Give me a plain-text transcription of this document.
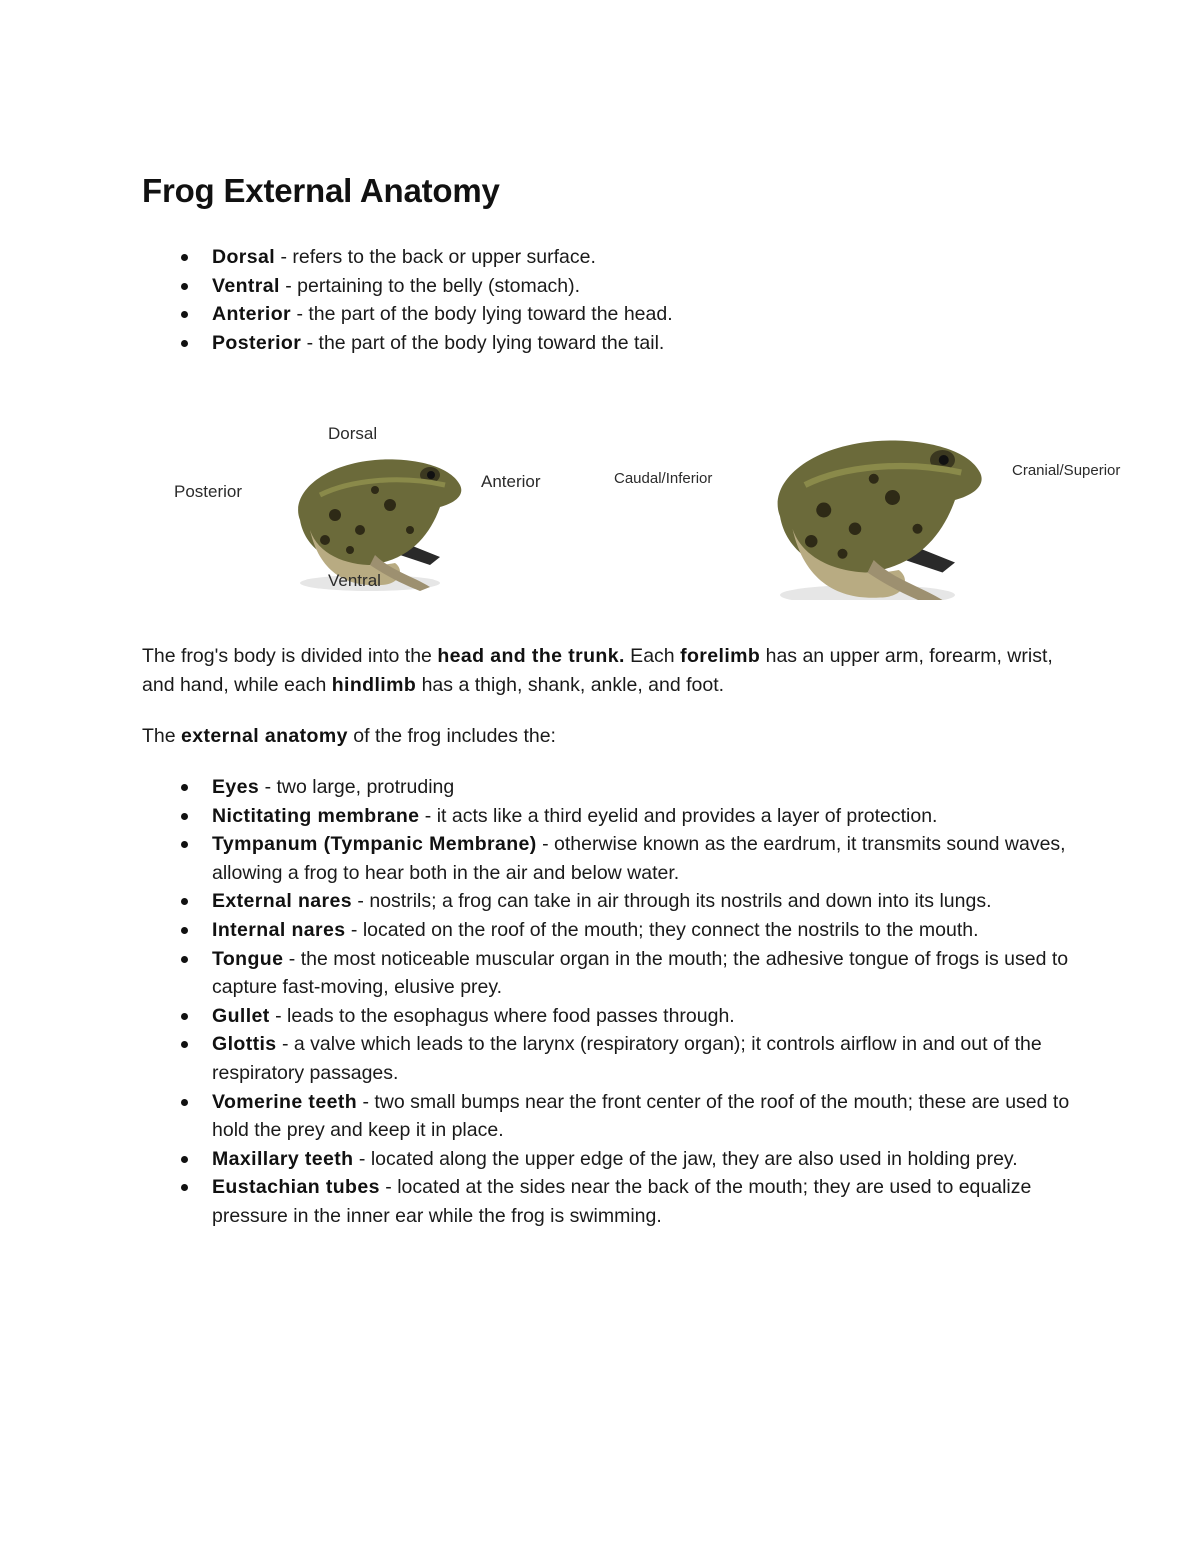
Frog External Anatomy
Dorsal - refers to the back or upper surface.
Ventral - pertaining to the belly (stomach).
Anterior - the part of the body lying toward the head.
Posterior - the part of the body lying toward the tail.
Dorsal
Posterior
Anterior
Ventral
Caudal/Inferior	Cranial/Superior

The frog's body is divided into the head and the trunk. Each forelimb has an upper arm, forearm, wrist, and hand, while each hindlimb has a thigh, shank, ankle, and foot.

The external anatomy of the frog includes the:

Eyes - two large, protruding
Nictitating membrane - it acts like a third eyelid and provides a layer of protection.
Tympanum (Tympanic Membrane) - otherwise known as the eardrum, it transmits sound waves, allowing a frog to hear both in the air and below water.
External nares - nostrils; a frog can take in air through its nostrils and down into its lungs.
Internal nares - located on the roof of the mouth; they connect the nostrils to the mouth.
Tongue - the most noticeable muscular organ in the mouth; the adhesive tongue of frogs is used to capture fast-moving, elusive prey.
Gullet - leads to the esophagus where food passes through.
Glottis - a valve which leads to the larynx (respiratory organ); it controls airflow in and out of the respiratory passages.
Vomerine teeth - two small bumps near the front center of the roof of the mouth; these are used to hold the prey and keep it in place.
Maxillary teeth - located along the upper edge of the jaw, they are also used in holding prey.
Eustachian tubes - located at the sides near the back of the mouth; they are used to equalize pressure in the inner ear while the frog is swimming.
